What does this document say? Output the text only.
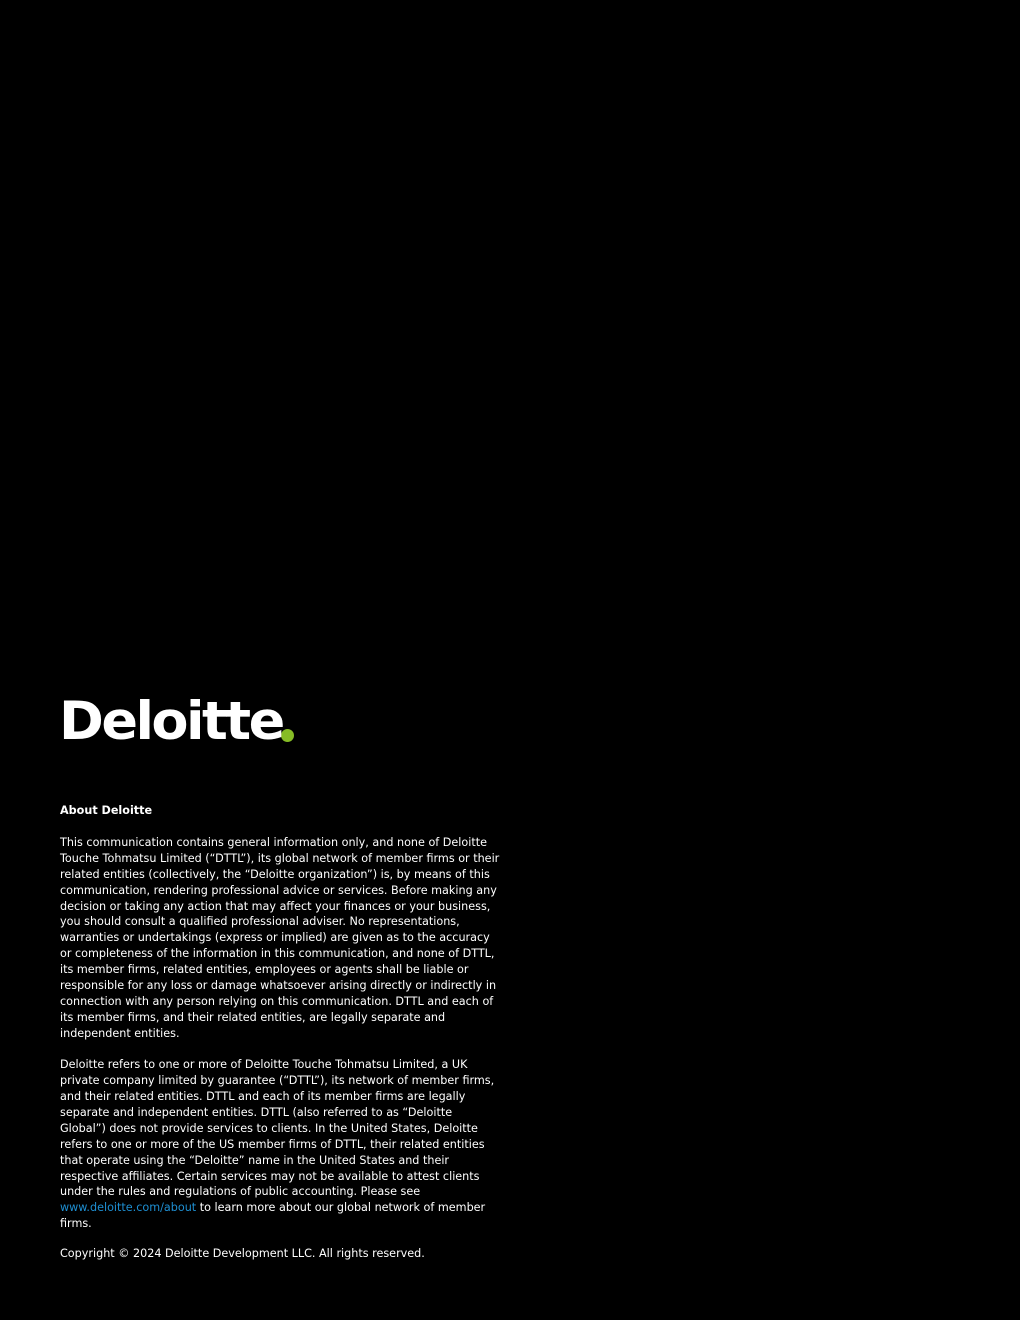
Deloitte

About Deloitte

This communication contains general information only, and none of Deloitte Touche Tohmatsu Limited (“DTTL”), its global network of member firms or their related entities (collectively, the “Deloitte organization”) is, by means of this communication, rendering professional advice or services. Before making any decision or taking any action that may affect your finances or your business, you should consult a qualified professional adviser. No representations, warranties or undertakings (express or implied) are given as to the accuracy or completeness of the information in this communication, and none of DTTL, its member firms, related entities, employees or agents shall be liable or responsible for any loss or damage whatsoever arising directly or indirectly in connection with any person relying on this communication. DTTL and each of its member firms, and their related entities, are legally separate and independent entities.

Deloitte refers to one or more of Deloitte Touche Tohmatsu Limited, a UK private company limited by guarantee (“DTTL”), its network of member firms, and their related entities. DTTL and each of its member firms are legally separate and independent entities. DTTL (also referred to as “Deloitte Global”) does not provide services to clients. In the United States, Deloitte refers to one or more of the US member firms of DTTL, their related entities that operate using the “Deloitte” name in the United States and their respective affiliates. Certain services may not be available to attest clients under the rules and regulations of public accounting. Please see www.deloitte.com/about to learn more about our global network of member firms.

Copyright © 2024 Deloitte Development LLC. All rights reserved.
